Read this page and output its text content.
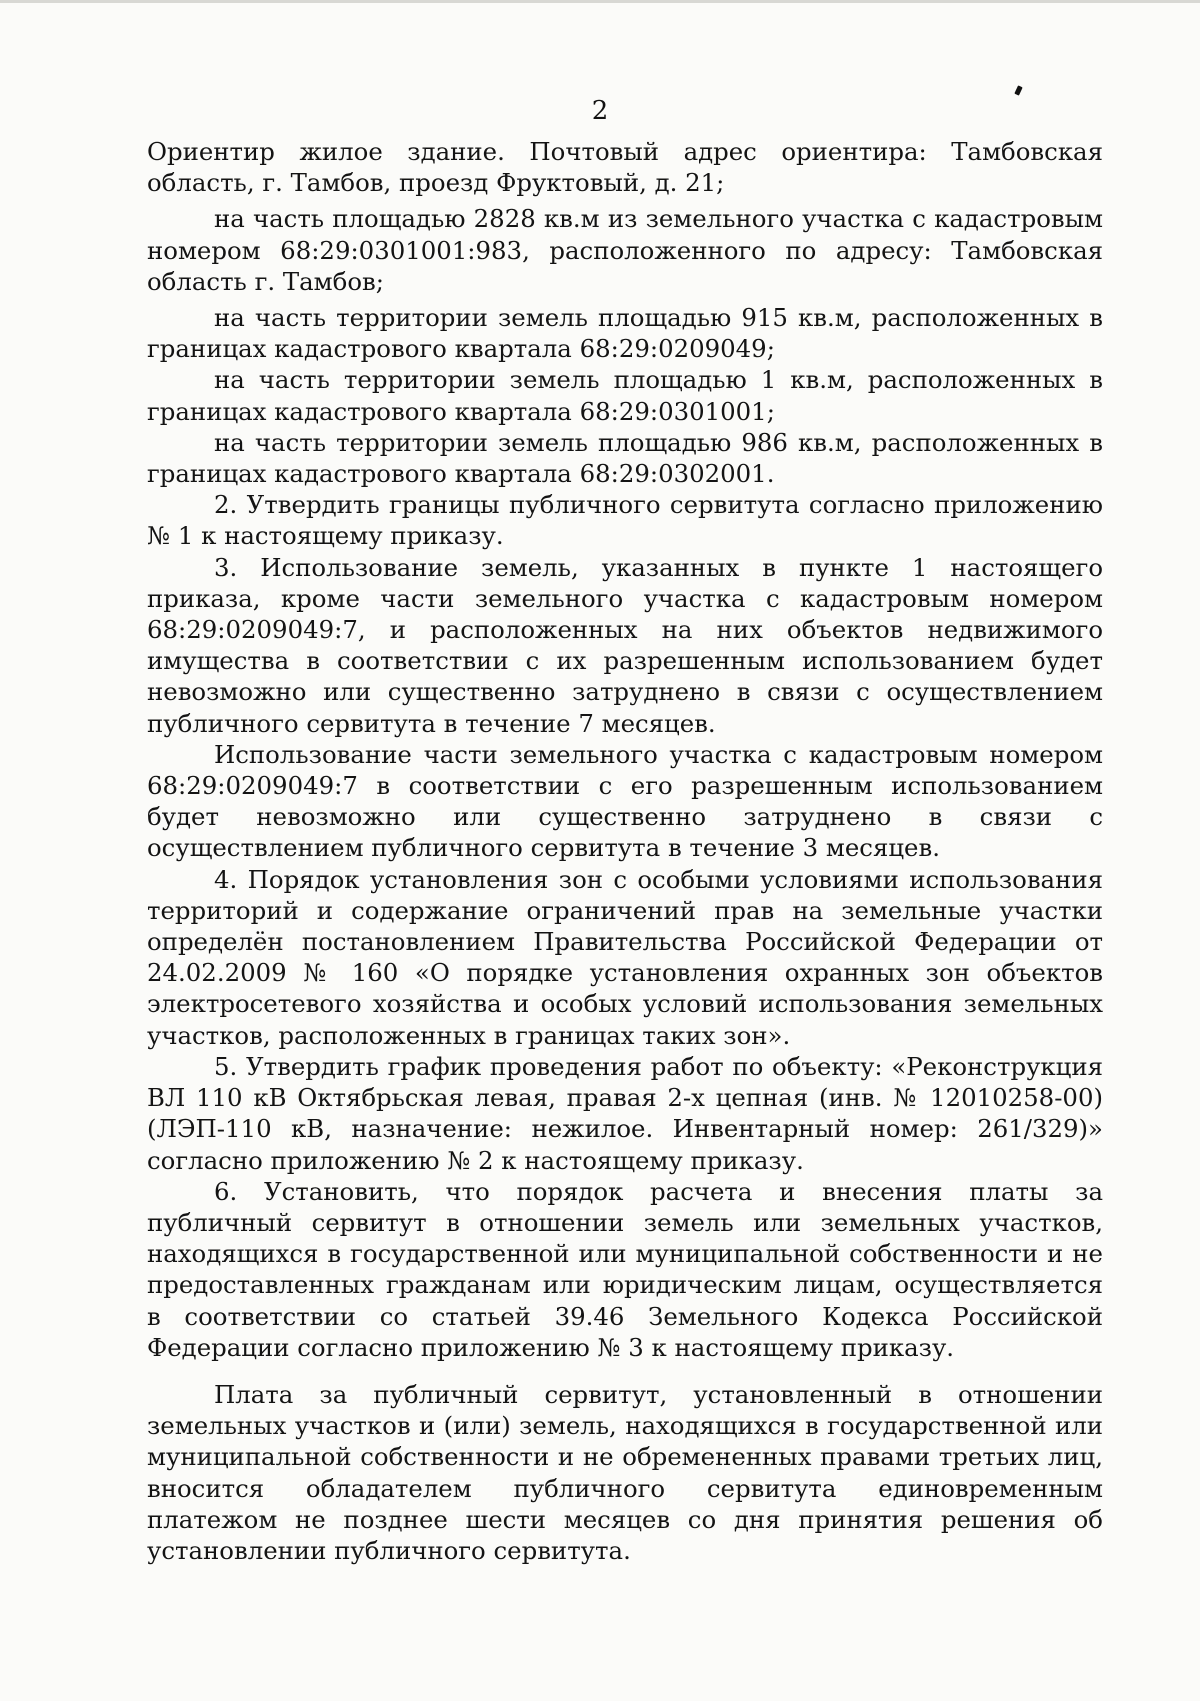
2

Ориентир жилое здание. Почтовый адрес ориентира: Тамбовская область, г. Тамбов, проезд Фруктовый, д. 21;

на часть площадью 2828 кв.м из земельного участка с кадастровым номером 68:29:0301001:983, расположенного по адресу: Тамбовская область г. Тамбов;

на часть территории земель площадью 915 кв.м, расположенных в границах кадастрового квартала 68:29:0209049;

на часть территории земель площадью 1 кв.м, расположенных в границах кадастрового квартала 68:29:0301001;

на часть территории земель площадью 986 кв.м, расположенных в границах кадастрового квартала 68:29:0302001.

2. Утвердить границы публичного сервитута согласно приложению № 1 к настоящему приказу.

3. Использование земель, указанных в пункте 1 настоящего приказа, кроме части земельного участка с кадастровым номером 68:29:0209049:7, и расположенных на них объектов недвижимого имущества в соответствии с их разрешенным использованием будет невозможно или существенно затруднено в связи с осуществлением публичного сервитута в течение 7 месяцев.

Использование части земельного участка с кадастровым номером 68:29:0209049:7 в соответствии с его разрешенным использованием будет невозможно или существенно затруднено в связи с осуществлением публичного сервитута в течение 3 месяцев.

4. Порядок установления зон с особыми условиями использования территорий и содержание ограничений прав на земельные участки определён постановлением Правительства Российской Федерации от 24.02.2009 № 160 «О порядке установления охранных зон объектов электросетевого хозяйства и особых условий использования земельных участков, расположенных в границах таких зон».

5. Утвердить график проведения работ по объекту: «Реконструкция ВЛ 110 кВ Октябрьская левая, правая 2-х цепная (инв. № 12010258-00) (ЛЭП-110 кВ, назначение: нежилое. Инвентарный номер: 261/329)» согласно приложению № 2 к настоящему приказу.

6. Установить, что порядок расчета и внесения платы за публичный сервитут в отношении земель или земельных участков, находящихся в государственной или муниципальной собственности и не предоставленных гражданам или юридическим лицам, осуществляется в соответствии со статьей 39.46 Земельного Кодекса Российской Федерации согласно приложению № 3 к настоящему приказу.

Плата за публичный сервитут, установленный в отношении земельных участков и (или) земель, находящихся в государственной или муниципальной собственности и не обремененных правами третьих лиц, вносится обладателем публичного сервитута единовременным платежом не позднее шести месяцев со дня принятия решения об установлении публичного сервитута.
